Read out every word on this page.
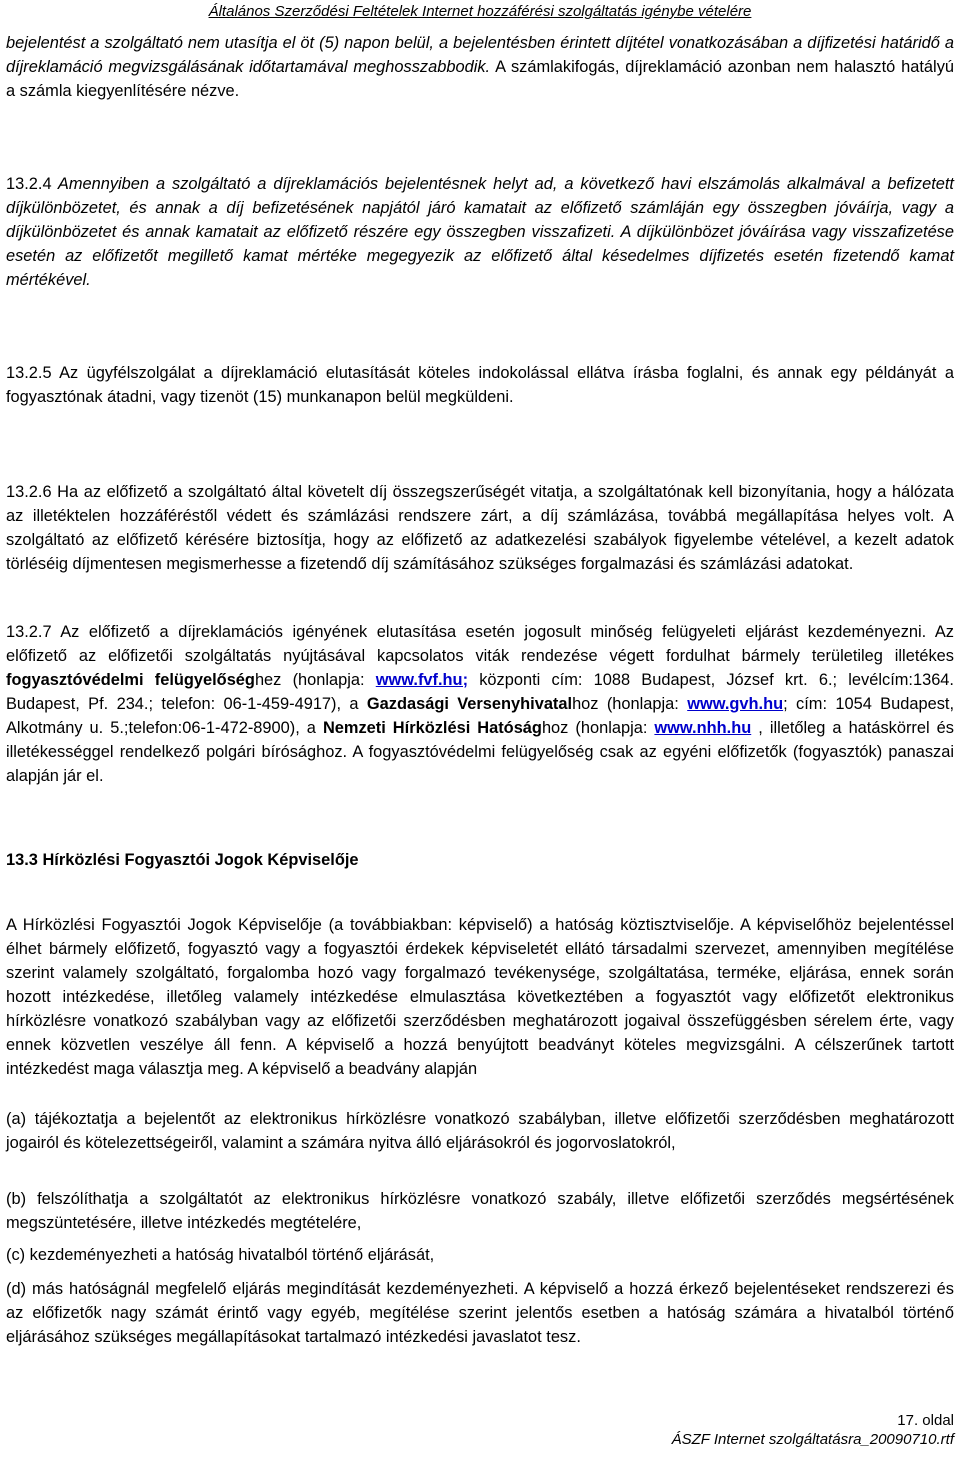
Általános Szerződési Feltételek Internet hozzáférési szolgáltatás igénybe vételére
bejelentést a szolgáltató nem utasítja el öt (5) napon belül, a bejelentésben érintett díjtétel vonatkozásában a díjfizetési határidő a díjreklamáció megvizsgálásának időtartamával meghosszabbodik. A számlakifogás, díjreklamáció azonban nem halasztó hatályú a számla kiegyenlítésére nézve.
13.2.4 Amennyiben a szolgáltató a díjreklamációs bejelentésnek helyt ad, a következő havi elszámolás alkalmával a befizetett díjkülönbözetet, és annak a díj befizetésének napjától járó kamatait az előfizető számláján egy összegben jóváírja, vagy a díjkülönbözetet és annak kamatait az előfizető részére egy összegben visszafizeti. A díjkülönbözet jóváírása vagy visszafizetése esetén az előfizetőt megillető kamat mértéke megegyezik az előfizető által késedelmes díjfizetés esetén fizetendő kamat mértékével.
13.2.5 Az ügyfélszolgálat a díjreklamáció elutasítását köteles indokolással ellátva írásba foglalni, és annak egy példányát a fogyasztónak átadni, vagy tizenöt (15) munkanapon belül megküldeni.
13.2.6 Ha az előfizető a szolgáltató által követelt díj összegszerűségét vitatja, a szolgáltatónak kell bizonyítania, hogy a hálózata az illetéktelen hozzáféréstől védett és számlázási rendszere zárt, a díj számlázása, továbbá megállapítása helyes volt. A szolgáltató az előfizető kérésére biztosítja, hogy az előfizető az adatkezelési szabályok figyelembe vételével, a kezelt adatok törléséig díjmentesen megismerhesse a fizetendő díj számításához szükséges forgalmazási és számlázási adatokat.
13.2.7 Az előfizető a díjreklamációs igényének elutasítása esetén jogosult minőség felügyeleti eljárást kezdeményezni. Az előfizető az előfizetői szolgáltatás nyújtásával kapcsolatos viták rendezése végett fordulhat bármely területileg illetékes fogyasztóvédelmi felügyelőséghez (honlapja: www.fvf.hu; központi cím: 1088 Budapest, József krt. 6.; levélcím:1364. Budapest, Pf. 234.; telefon: 06-1-459-4917), a Gazdasági Versenyhivatalhoz (honlapja: www.gvh.hu; cím: 1054 Budapest, Alkotmány u. 5.;telefon:06-1-472-8900), a Nemzeti Hírközlési Hatósághoz (honlapja: www.nhh.hu , illetőleg a hatáskörrel és illetékességgel rendelkező polgári bírósághoz. A fogyasztóvédelmi felügyelőség csak az egyéni előfizetők (fogyasztók) panaszai alapján jár el.
13.3 Hírközlési Fogyasztói Jogok Képviselője
A Hírközlési Fogyasztói Jogok Képviselője (a továbbiakban: képviselő) a hatóság köztisztviselője. A képviselőhöz bejelentéssel élhet bármely előfizető, fogyasztó vagy a fogyasztói érdekek képviseletét ellátó társadalmi szervezet, amennyiben megítélése szerint valamely szolgáltató, forgalomba hozó vagy forgalmazó tevékenysége, szolgáltatása, terméke, eljárása, ennek során hozott intézkedése, illetőleg valamely intézkedése elmulasztása következtében a fogyasztót vagy előfizetőt elektronikus hírközlésre vonatkozó szabályban vagy az előfizetői szerződésben meghatározott jogaival összefüggésben sérelem érte, vagy ennek közvetlen veszélye áll fenn. A képviselő a hozzá benyújtott beadványt köteles megvizsgálni. A célszerűnek tartott intézkedést maga választja meg. A képviselő a beadvány alapján
(a) tájékoztatja a bejelentőt az elektronikus hírközlésre vonatkozó szabályban, illetve előfizetői szerződésben meghatározott jogairól és kötelezettségeiről, valamint a számára nyitva álló eljárásokról és jogorvoslatokról,
(b) felszólíthatja a szolgáltatót az elektronikus hírközlésre vonatkozó szabály, illetve előfizetői szerződés megsértésének megszüntetésére, illetve intézkedés megtételére,
(c) kezdeményezheti a hatóság hivatalból történő eljárását,
(d) más hatóságnál megfelelő eljárás megindítását kezdeményezheti. A képviselő a hozzá érkező bejelentéseket rendszerezi és az előfizetők nagy számát érintő vagy egyéb, megítélése szerint jelentős esetben a hatóság számára a hivatalból történő eljárásához szükséges megállapításokat tartalmazó intézkedési javaslatot tesz.
17. oldal
ÁSZF Internet szolgáltatásra_20090710.rtf
